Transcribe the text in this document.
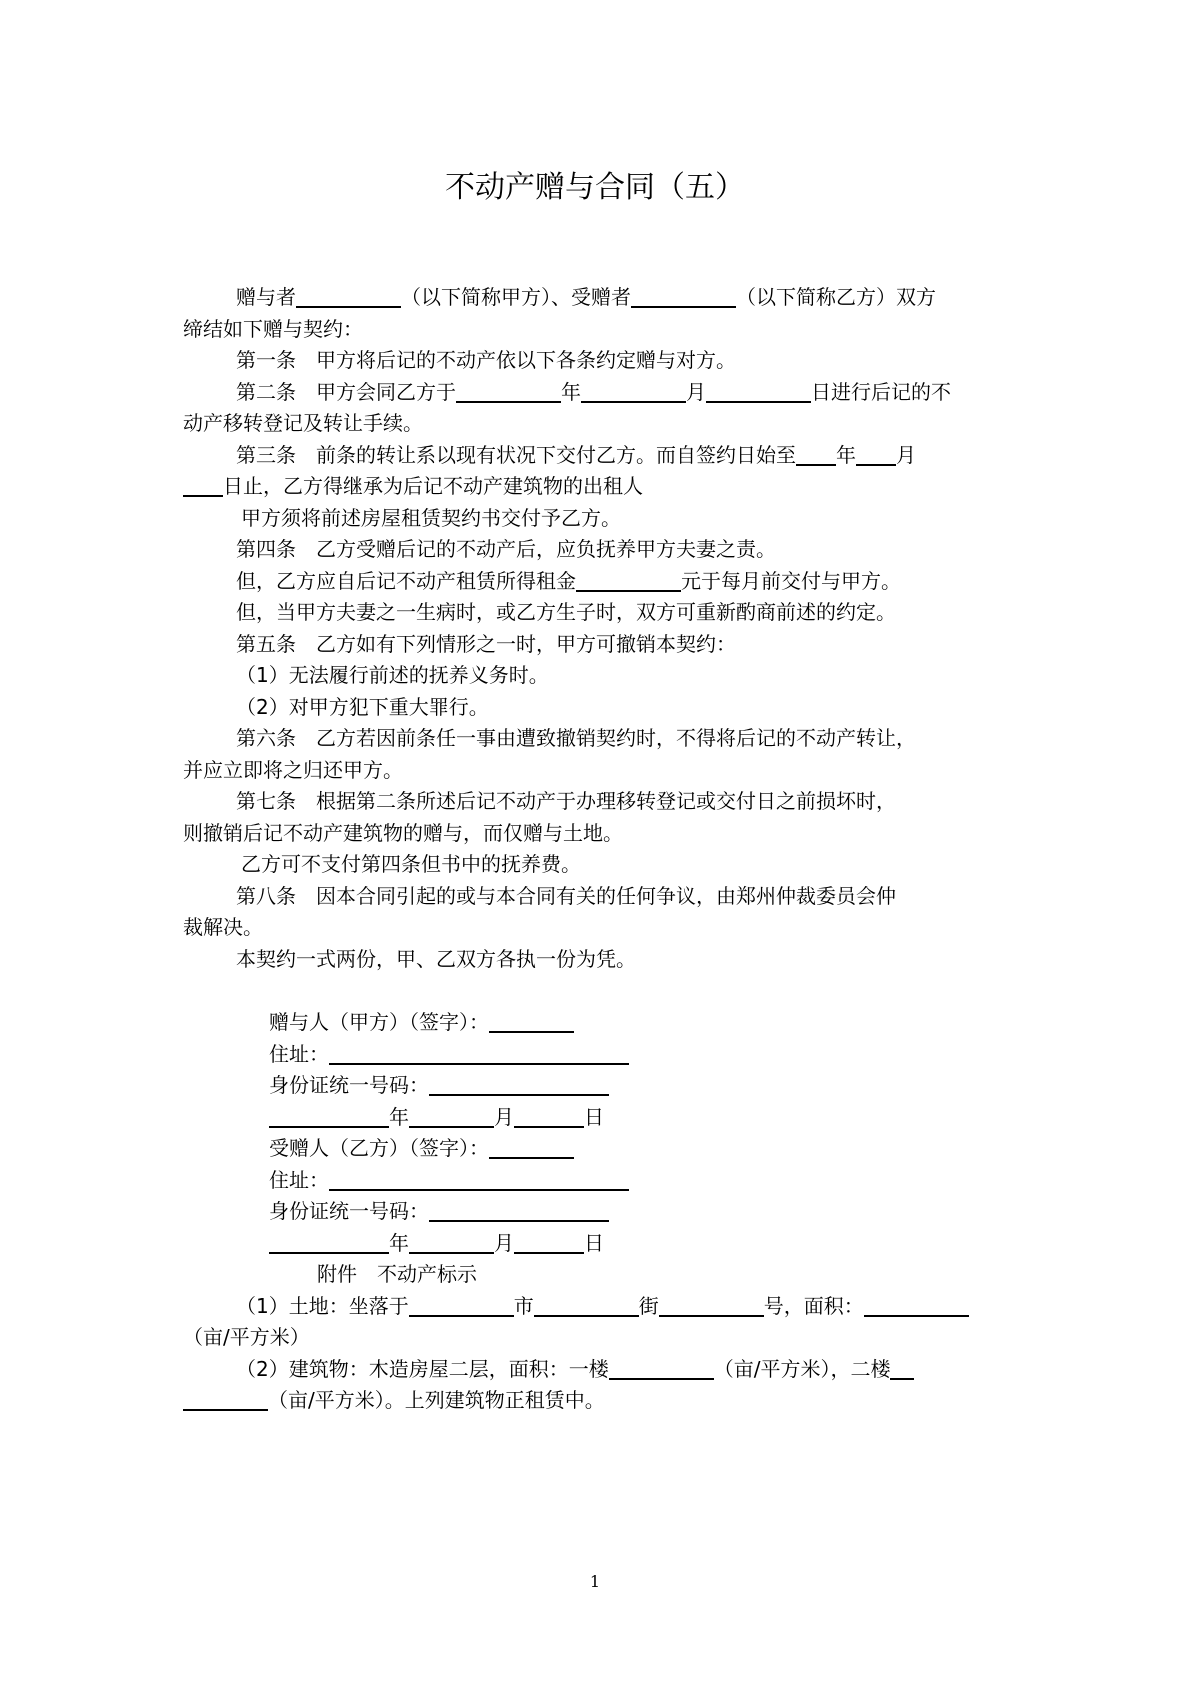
不动产赠与合同（五）

赠与者	（以下简称甲方）、受赠者	（以下简称乙方）双方

缔结如下赠与契约：

第一条　甲方将后记的不动产依以下各条约定赠与对方。

第二条　甲方会同乙方于	年	月	日进行后记的不

动产移转登记及转让手续。

第三条　前条的转让系以现有状况下交付乙方。而自签约日始至 年 月

日止，乙方得继承为后记不动产建筑物的出租人

甲方须将前述房屋租赁契约书交付予乙方。

第四条　乙方受赠后记的不动产后，应负抚养甲方夫妻之责。

但，乙方应自后记不动产租赁所得租金	元于每月前交付与甲方。

但，当甲方夫妻之一生病时，或乙方生子时，双方可重新酌商前述的约定。

第五条　乙方如有下列情形之一时，甲方可撤销本契约：

（1）无法履行前述的抚养义务时。

（2）对甲方犯下重大罪行。

第六条　乙方若因前条任一事由遭致撤销契约时，不得将后记的不动产转让，

并应立即将之归还甲方。

第七条　根据第二条所述后记不动产于办理移转登记或交付日之前损坏时，

则撤销后记不动产建筑物的赠与，而仅赠与土地。

乙方可不支付第四条但书中的抚养费。

第八条　因本合同引起的或与本合同有关的任何争议，由郑州仲裁委员会仲

裁解决。

本契约一式两份，甲、乙双方各执一份为凭。

赠与人（甲方）（签字）：

住址：

身份证统一号码：

年	月	日

受赠人（乙方）（签字）：

住址：

身份证统一号码：

年	月	日

附件　不动产标示

（1）土地：坐落于	市	街	号，面积：

（亩/平方米）

（2）建筑物：木造房屋二层，面积：一楼	（亩/平方米），二楼

（亩/平方米）。上列建筑物正租赁中。

1
